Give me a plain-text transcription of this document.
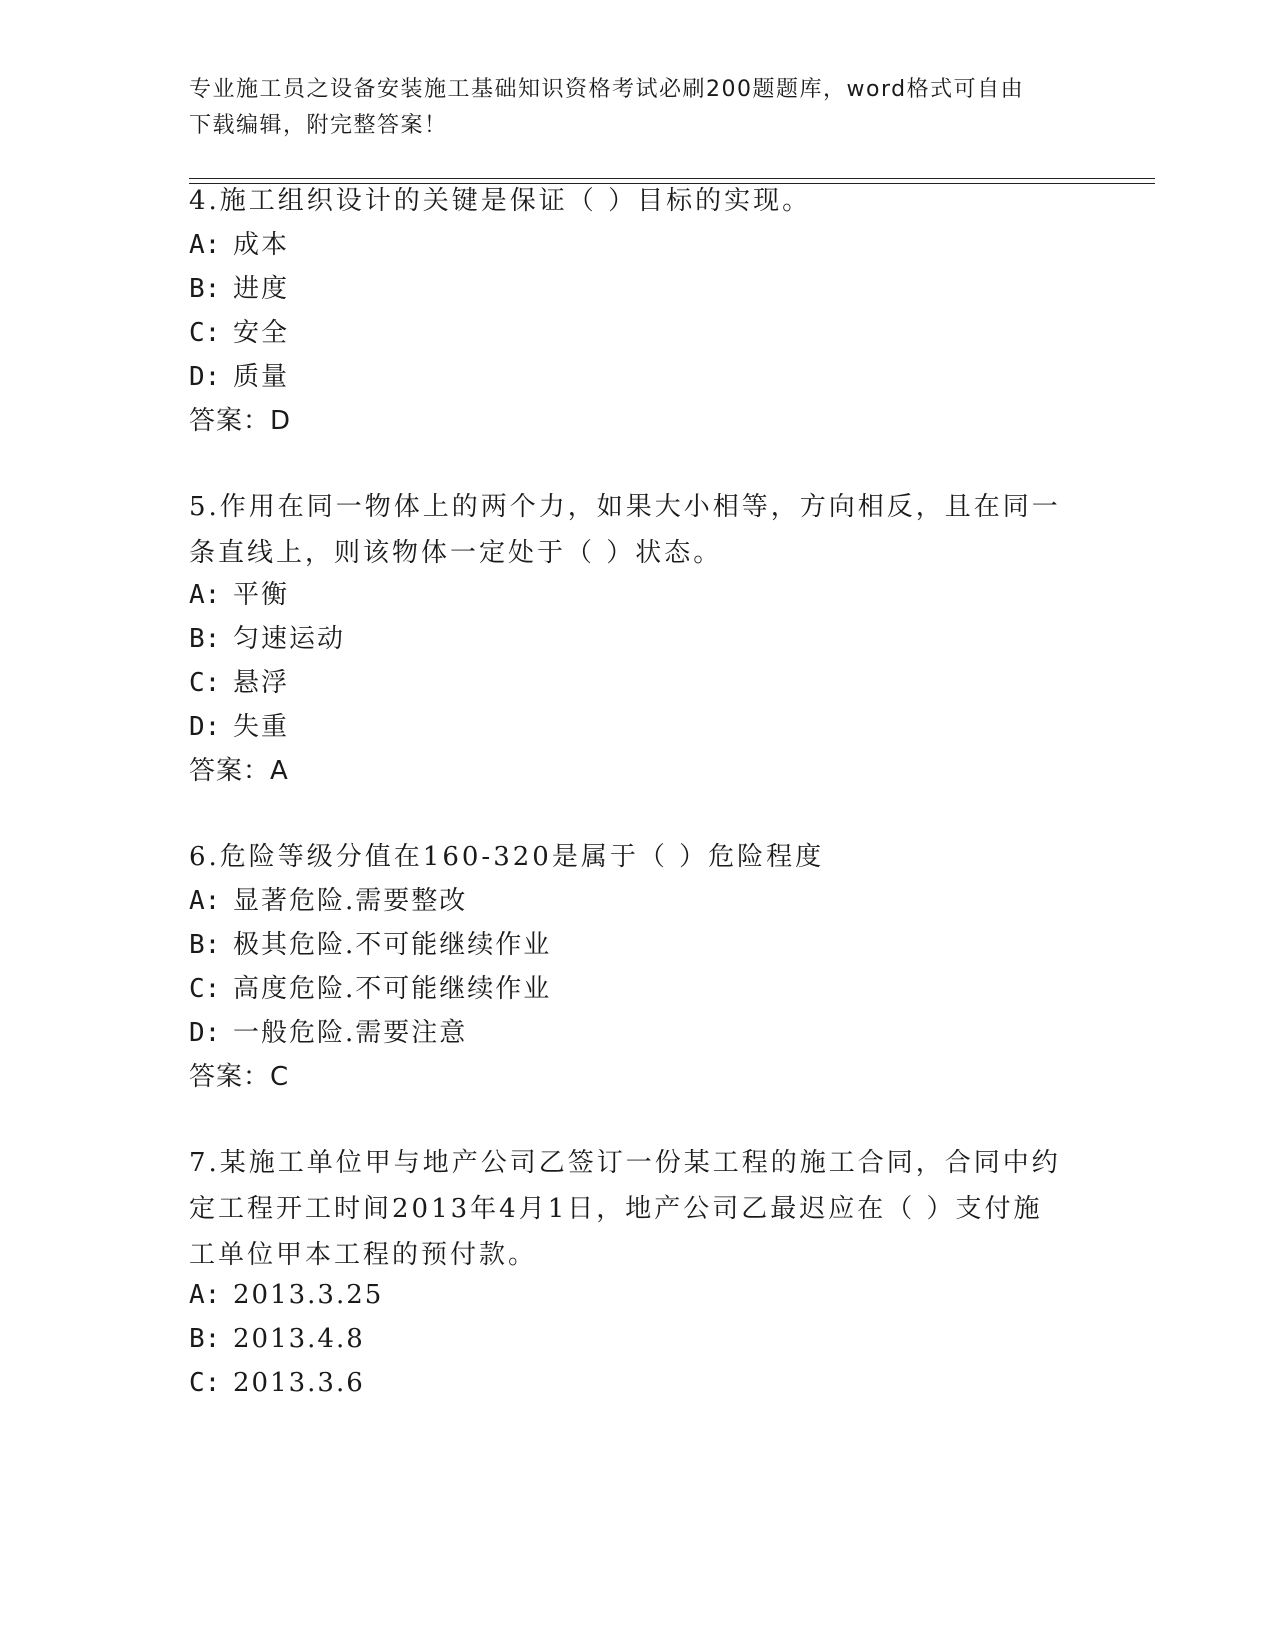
专业施工员之设备安装施工基础知识资格考试必刷200题题库，word格式可自由
下载编辑，附完整答案！
4.施工组织设计的关键是保证（ ）目标的实现。
A: 成本
B: 进度
C: 安全
D: 质量
答案：D
5.作用在同一物体上的两个力，如果大小相等，方向相反，且在同一
条直线上，则该物体一定处于（ ）状态。
A: 平衡
B: 匀速运动
C: 悬浮
D: 失重
答案：A
6.危险等级分值在160-320是属于（ ）危险程度
A: 显著危险.需要整改
B: 极其危险.不可能继续作业
C: 高度危险.不可能继续作业
D: 一般危险.需要注意
答案：C
7.某施工单位甲与地产公司乙签订一份某工程的施工合同，合同中约
定工程开工时间2013年4月1日，地产公司乙最迟应在（ ）支付施
工单位甲本工程的预付款。
A: 2013.3.25
B: 2013.4.8
C: 2013.3.6
